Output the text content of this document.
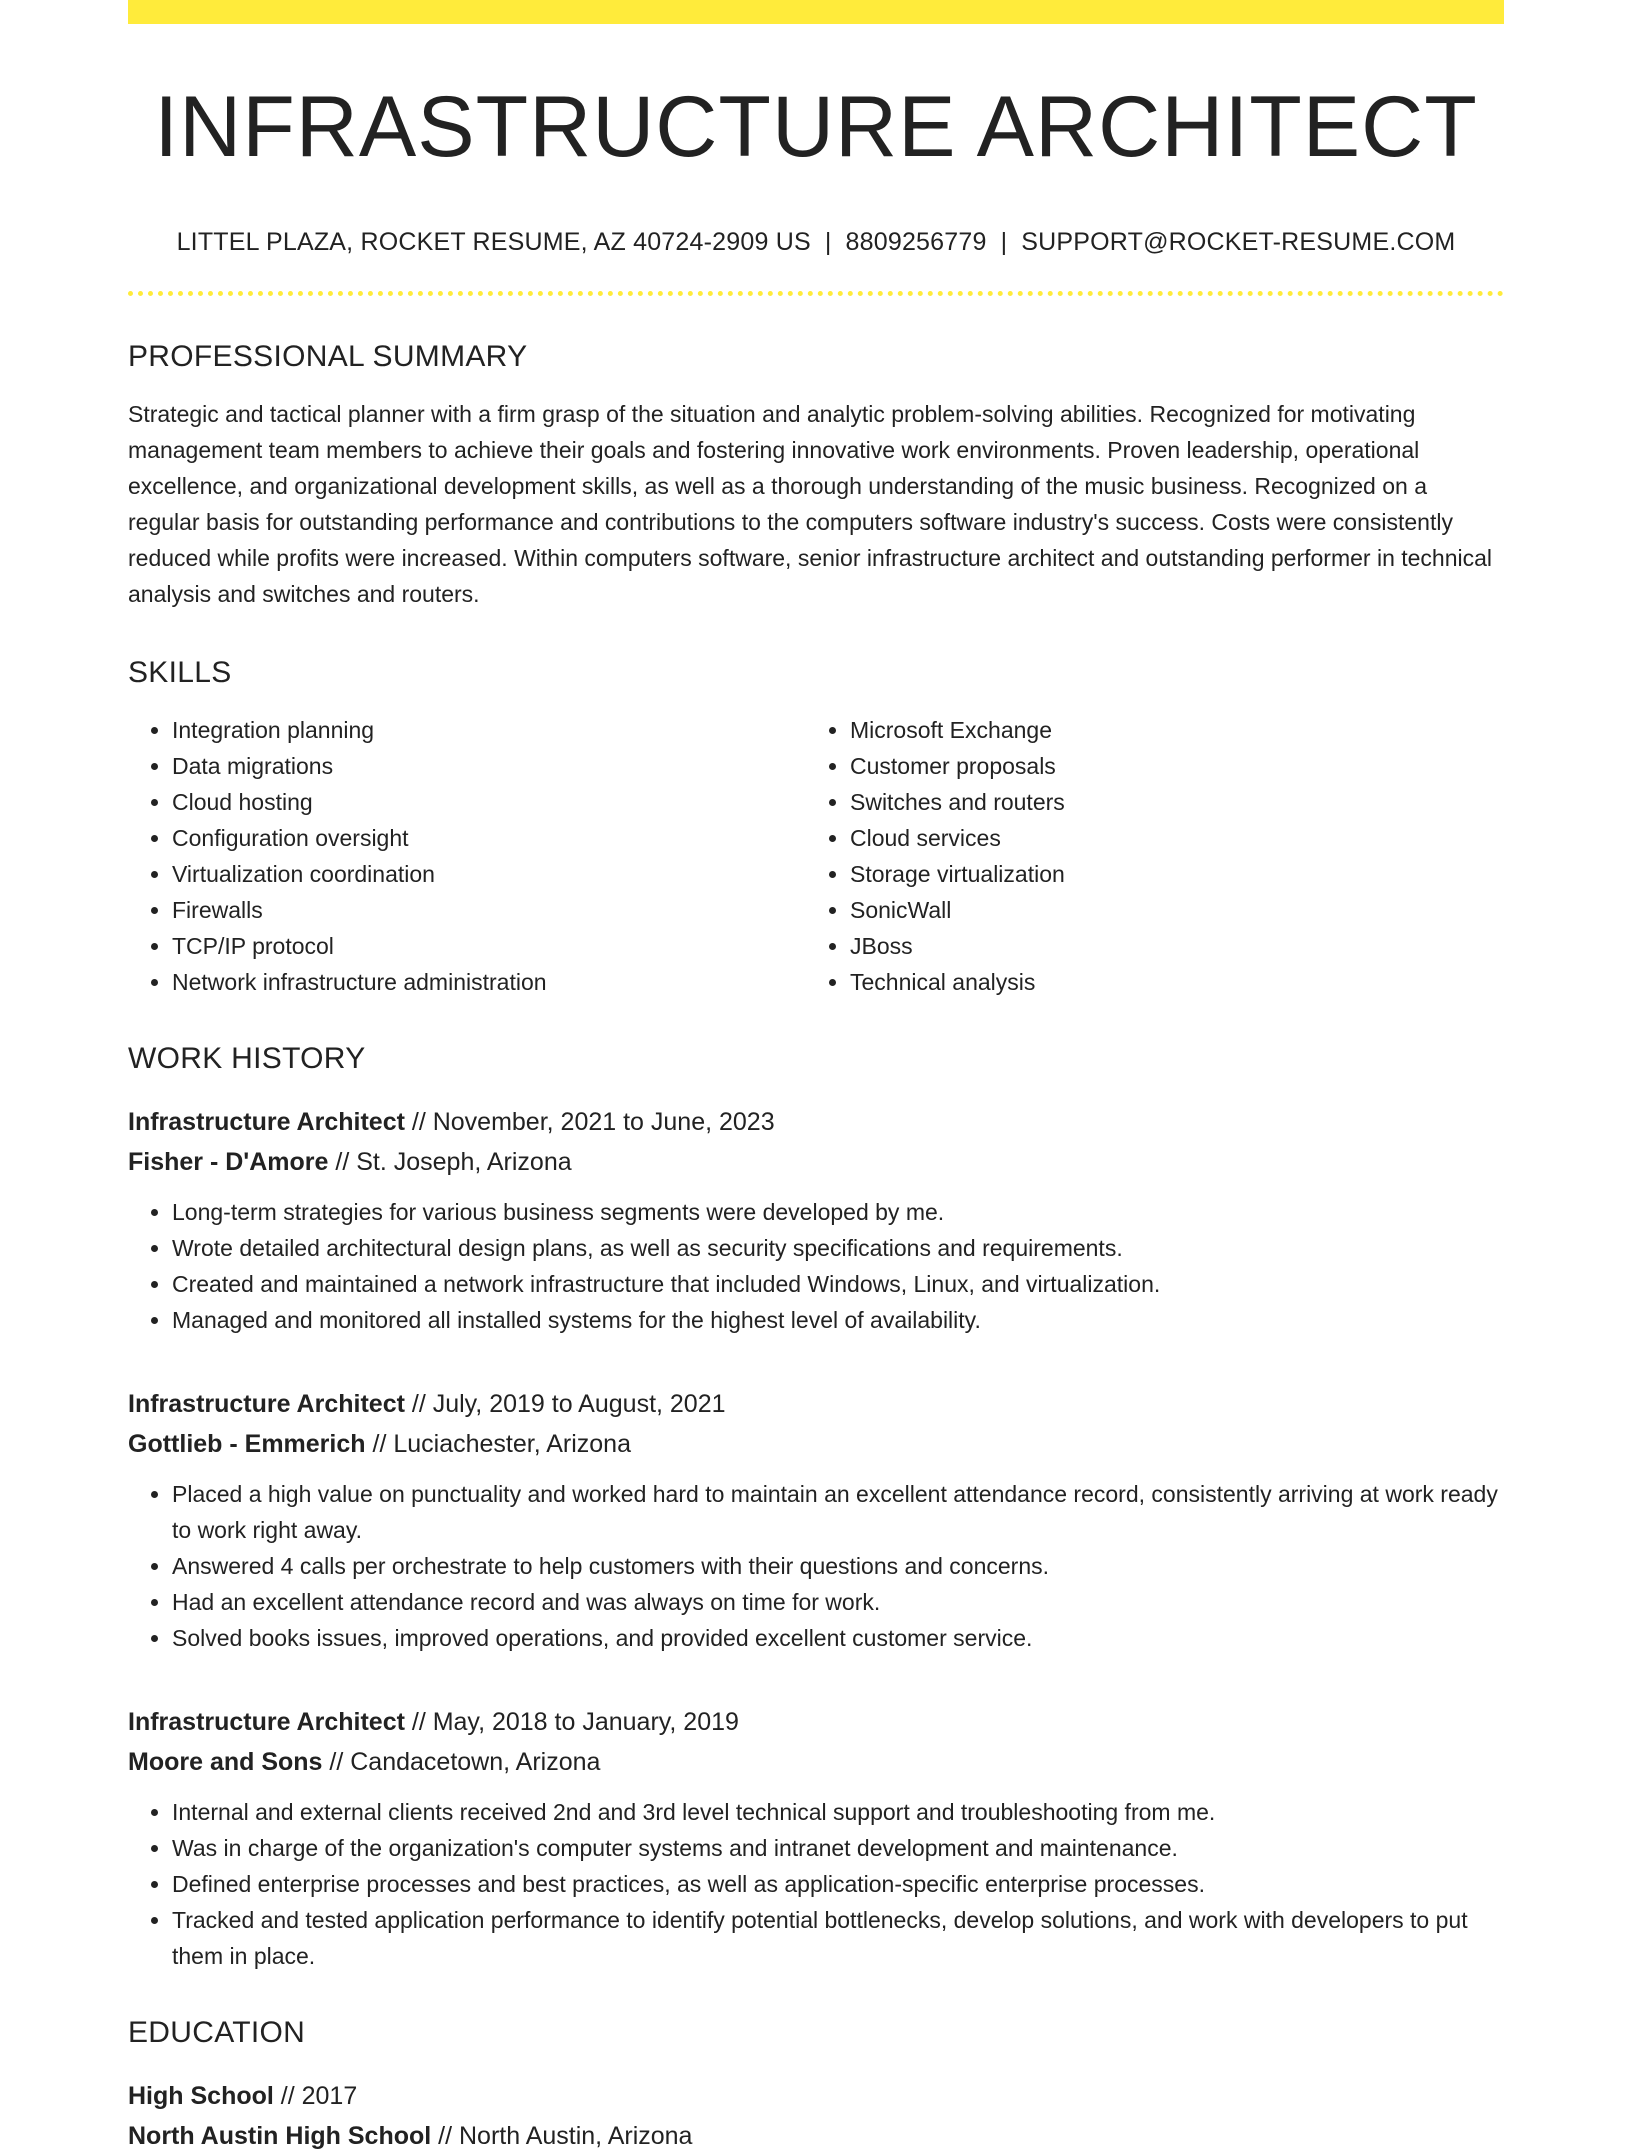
INFRASTRUCTURE ARCHITECT
LITTEL PLAZA, ROCKET RESUME, AZ 40724-2909 US | 8809256779 | SUPPORT@ROCKET-RESUME.COM
PROFESSIONAL SUMMARY
Strategic and tactical planner with a firm grasp of the situation and analytic problem-solving abilities. Recognized for motivating management team members to achieve their goals and fostering innovative work environments. Proven leadership, operational excellence, and organizational development skills, as well as a thorough understanding of the music business. Recognized on a regular basis for outstanding performance and contributions to the computers software industry's success. Costs were consistently reduced while profits were increased. Within computers software, senior infrastructure architect and outstanding performer in technical analysis and switches and routers.
SKILLS
• Integration planning
• Data migrations
• Cloud hosting
• Configuration oversight
• Virtualization coordination
• Firewalls
• TCP/IP protocol
• Network infrastructure administration
• Microsoft Exchange
• Customer proposals
• Switches and routers
• Cloud services
• Storage virtualization
• SonicWall
• JBoss
• Technical analysis
WORK HISTORY
Infrastructure Architect // November, 2021 to June, 2023
Fisher - D'Amore // St. Joseph, Arizona
• Long-term strategies for various business segments were developed by me.
• Wrote detailed architectural design plans, as well as security specifications and requirements.
• Created and maintained a network infrastructure that included Windows, Linux, and virtualization.
• Managed and monitored all installed systems for the highest level of availability.
Infrastructure Architect // July, 2019 to August, 2021
Gottlieb - Emmerich // Luciachester, Arizona
• Placed a high value on punctuality and worked hard to maintain an excellent attendance record, consistently arriving at work ready to work right away.
• Answered 4 calls per orchestrate to help customers with their questions and concerns.
• Had an excellent attendance record and was always on time for work.
• Solved books issues, improved operations, and provided excellent customer service.
Infrastructure Architect // May, 2018 to January, 2019
Moore and Sons // Candacetown, Arizona
• Internal and external clients received 2nd and 3rd level technical support and troubleshooting from me.
• Was in charge of the organization's computer systems and intranet development and maintenance.
• Defined enterprise processes and best practices, as well as application-specific enterprise processes.
• Tracked and tested application performance to identify potential bottlenecks, develop solutions, and work with developers to put them in place.
EDUCATION
High School // 2017
North Austin High School // North Austin, Arizona
